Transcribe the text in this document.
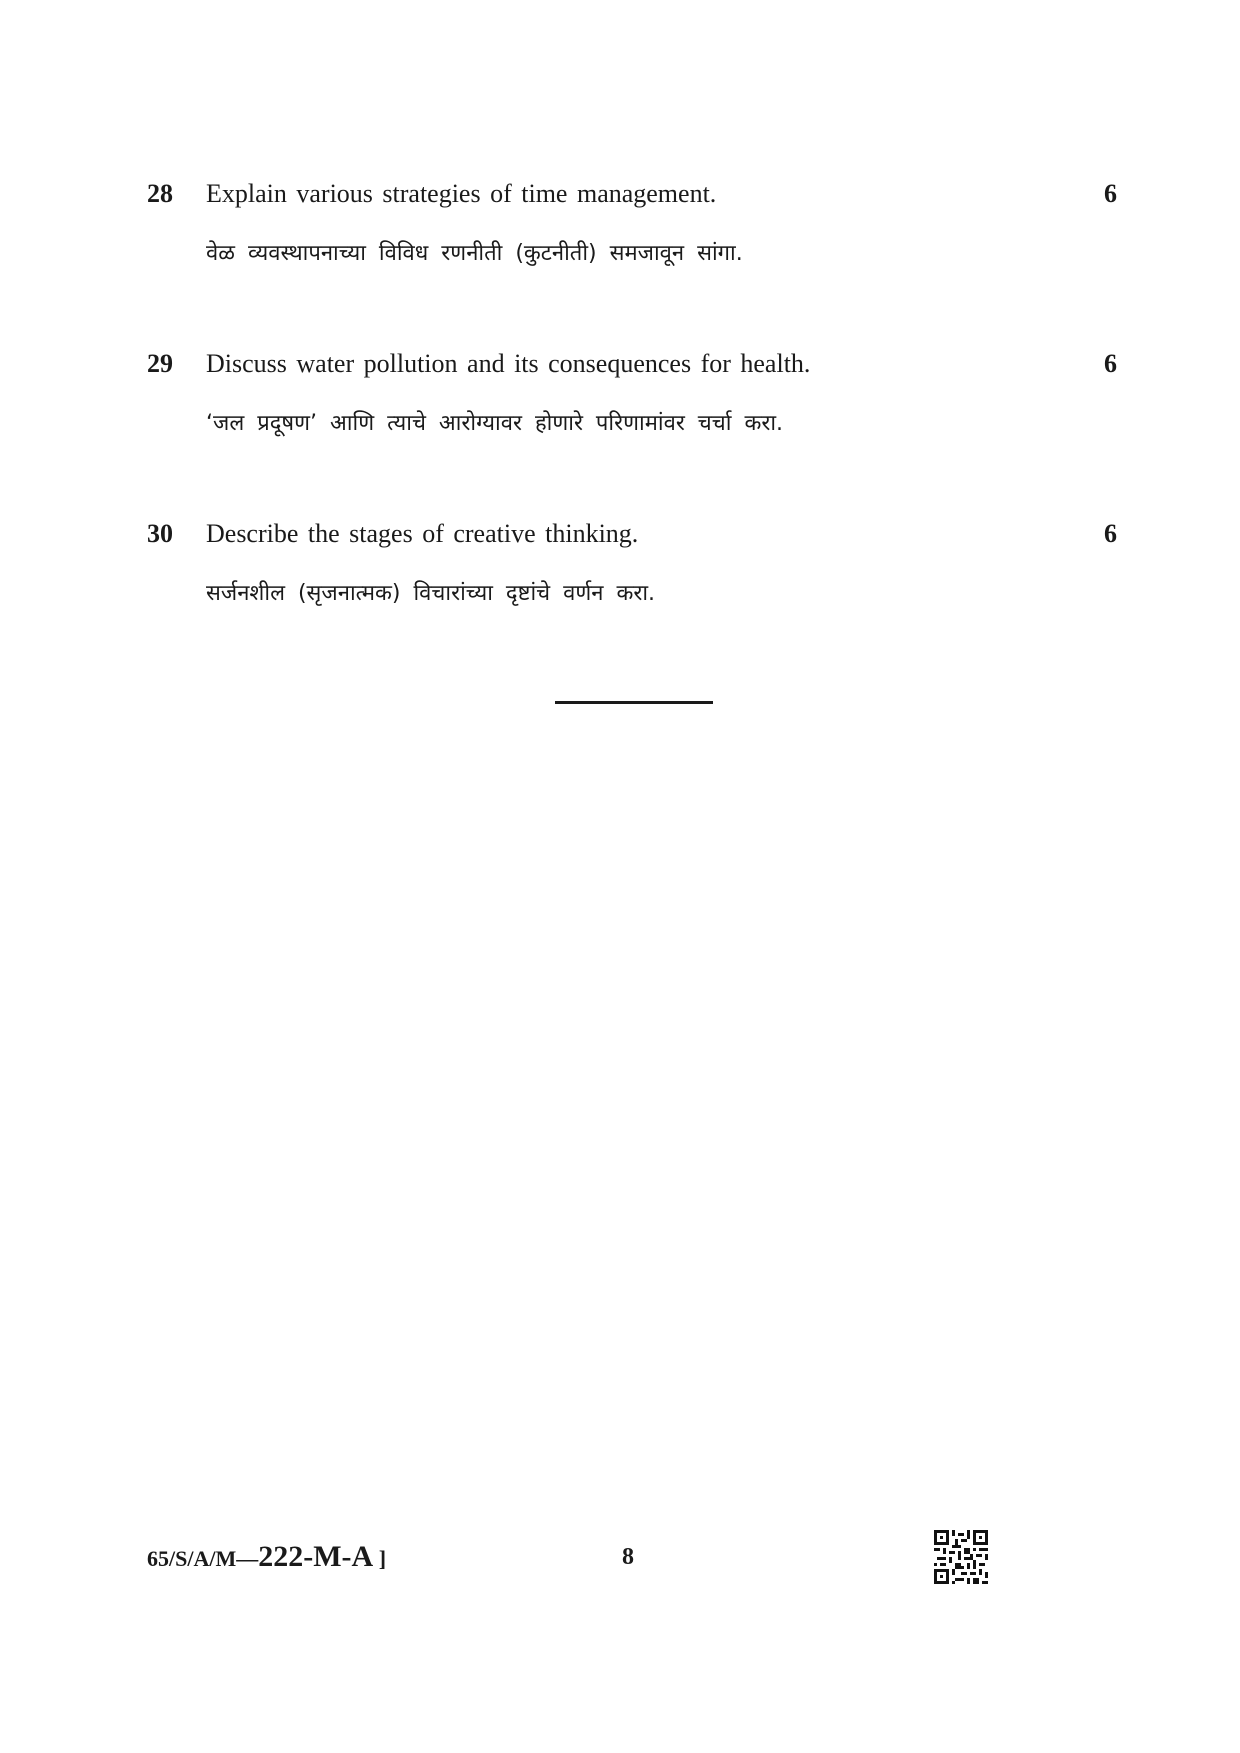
28 Explain various strategies of time management.
वेळ व्यवस्थापनाच्या विविध रणनीती (कुटनीती) समजावून सांगा.
6
29 Discuss water pollution and its consequences for health.
‘जल प्रदूषण’ आणि त्याचे आरोग्यावर होणारे परिणामांवर चर्चा करा.
6
30 Describe the stages of creative thinking.
सर्जनशील (सृजनात्मक) विचारांच्या दृष्टांचे वर्णन करा.
6
65/S/A/M—222-M-A ]	8
